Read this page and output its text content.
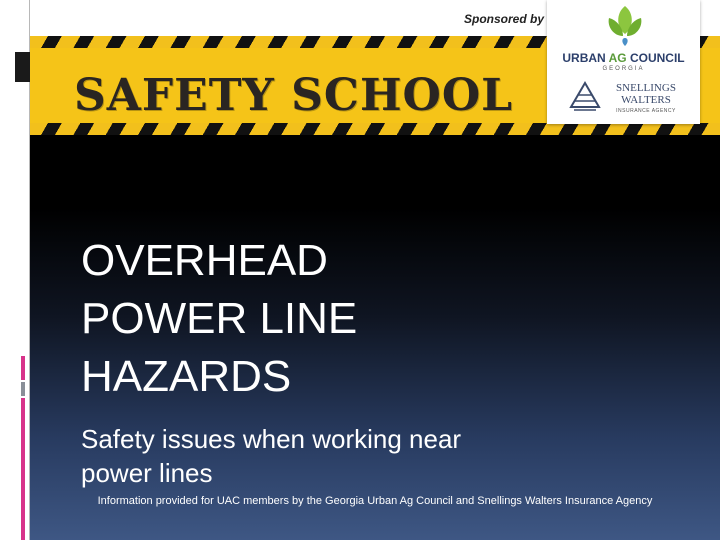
Sponsored by
SAFETY SCHOOL
URBAN AG COUNCIL
GEORGIA
SNELLINGS
WALTERS
INSURANCE AGENCY
OVERHEAD
POWER LINE
HAZARDS

Safety issues when working near
power lines

Information provided for UAC members by the Georgia Urban Ag Council and Snellings Walters Insurance Agency
